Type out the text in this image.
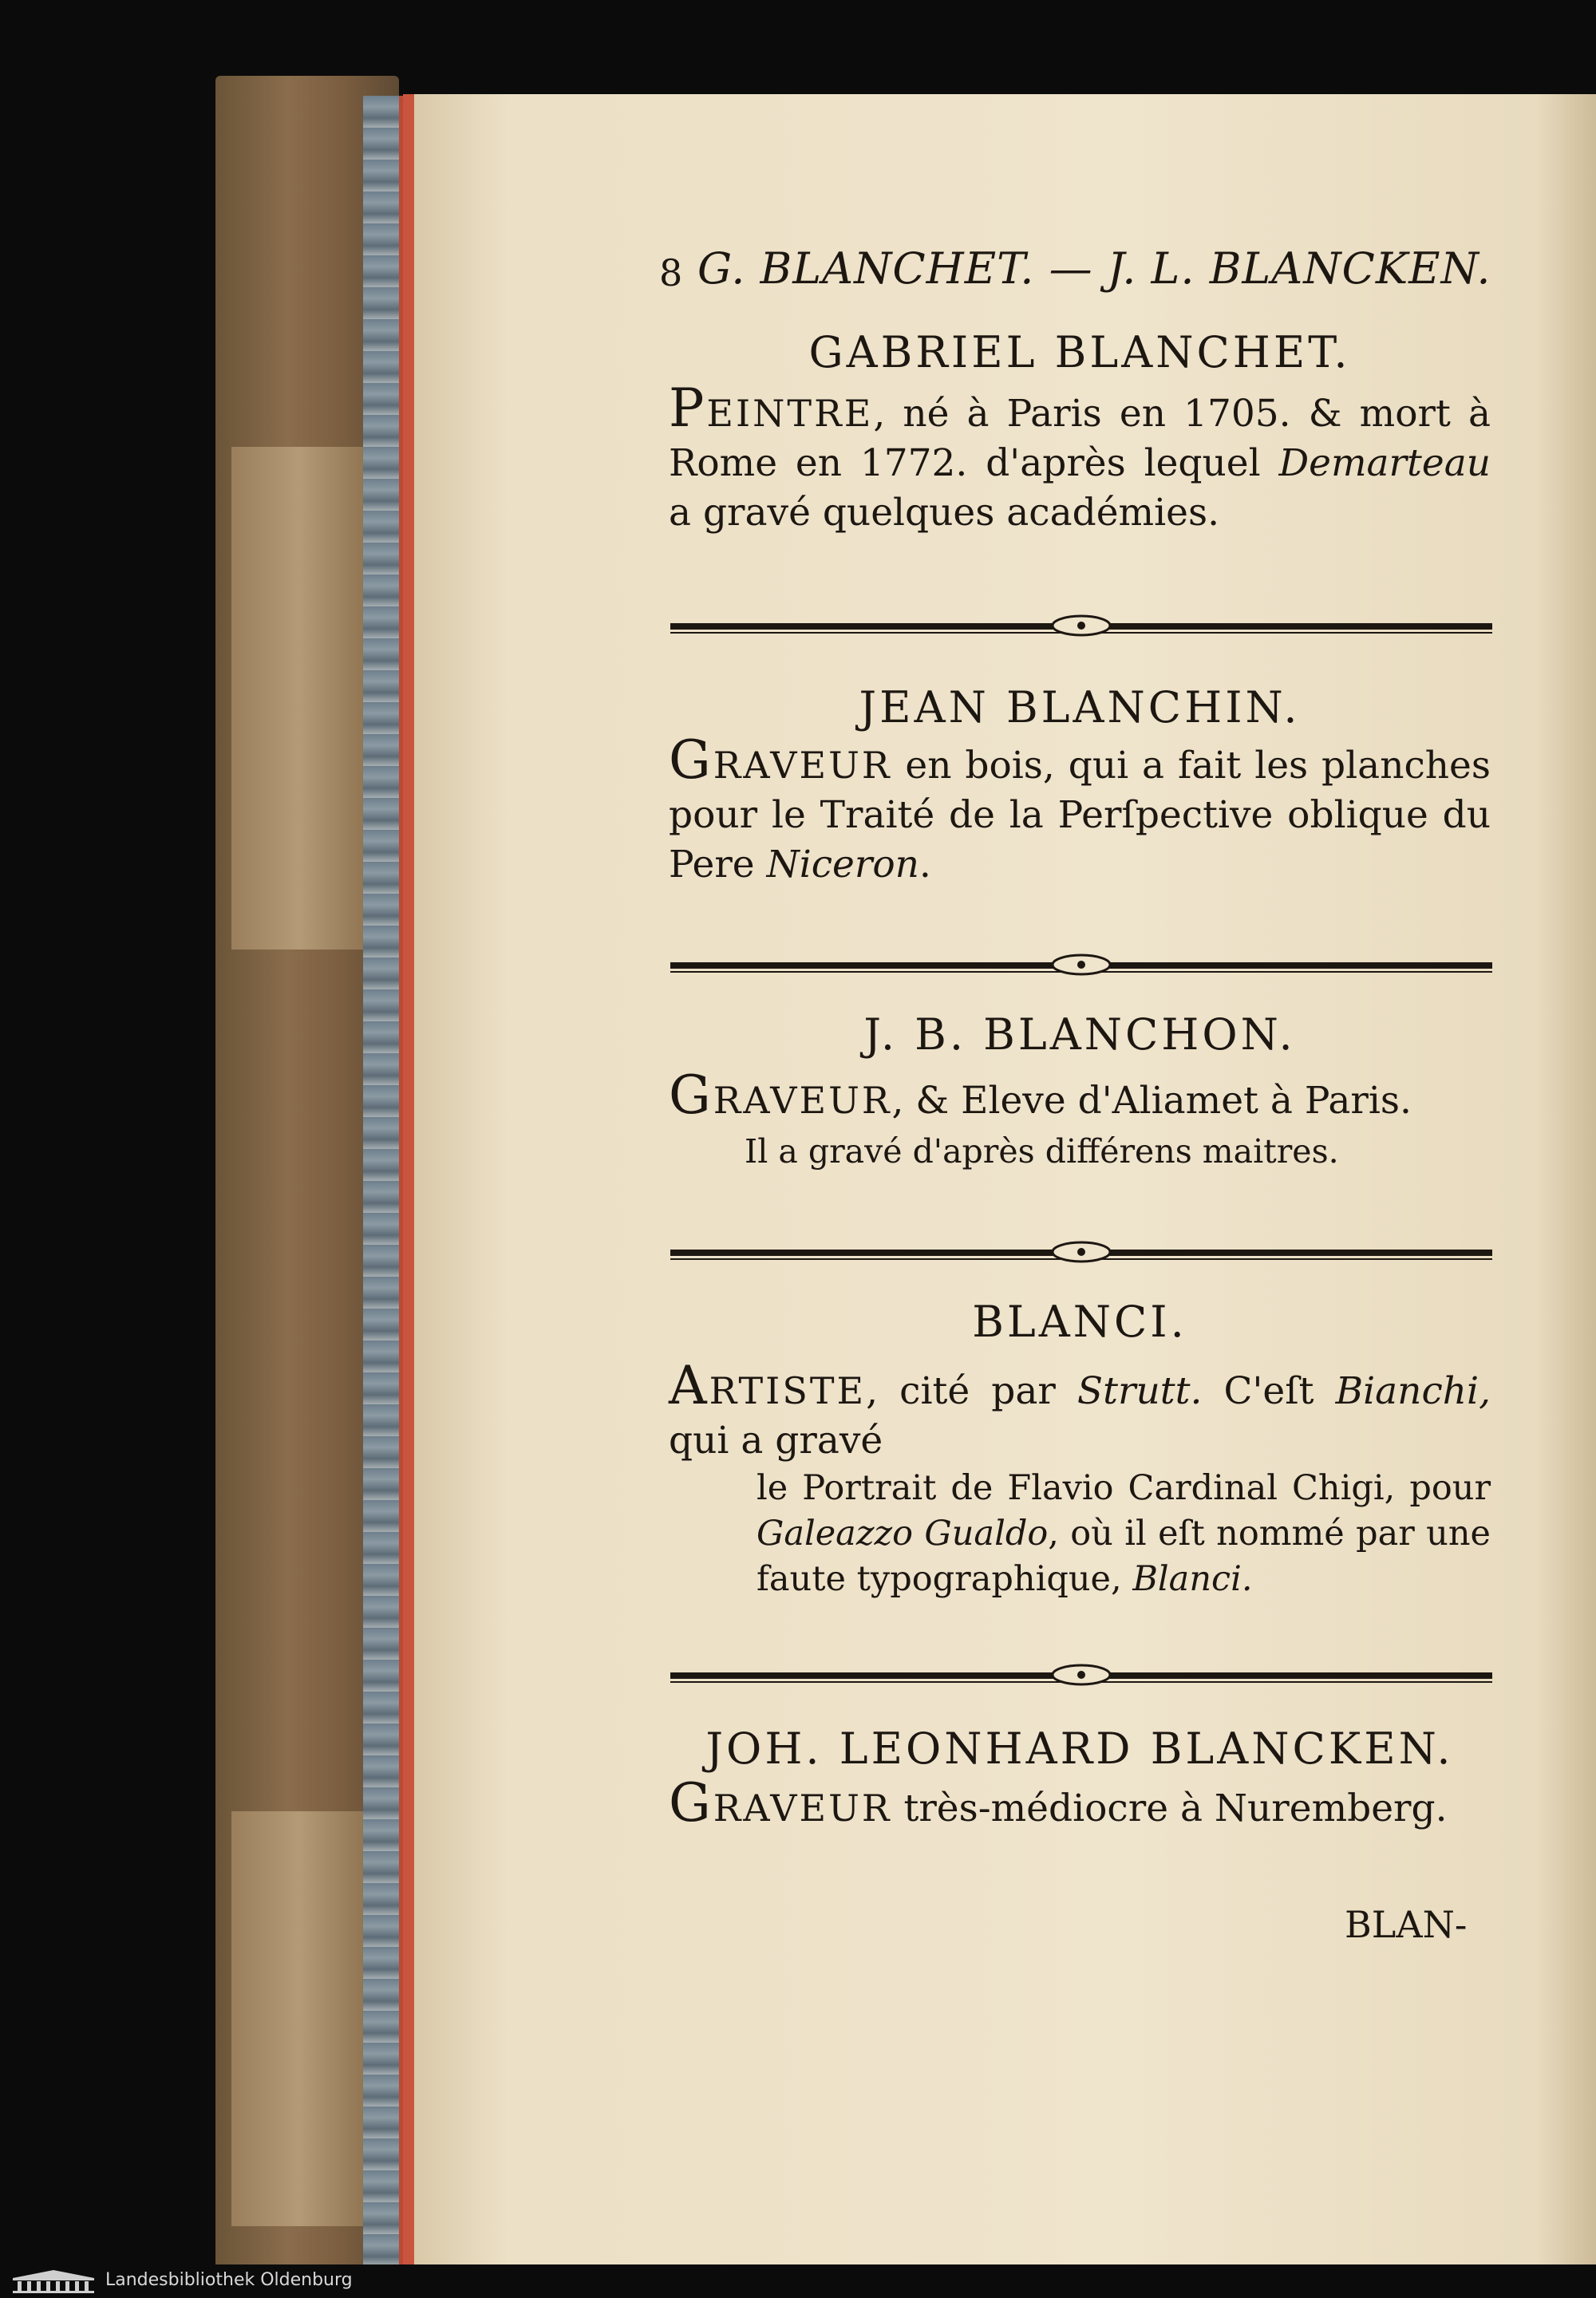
8 G. BLANCHET. — J. L. BLANCKEN.
GABRIEL BLANCHET.
Peintre, né à Paris en 1705. & mort à Rome en 1772. d'après lequel Demarteau a gravé quelques académies.
JEAN BLANCHIN.
Graveur en bois, qui a fait les planches pour le Traité de la Perſpective oblique du Pere Niceron.
J. B. BLANCHON.
Graveur, & Eleve d'Aliamet à Paris.
Il a gravé d'après différens maitres.
BLANCI.
Artiste, cité par Strutt. C'eſt Bianchi, qui a gravé
le Portrait de Flavio Cardinal Chigi, pour Galeazzo Gualdo, où il eſt nommé par une faute typographique, Blanci.
JOH. LEONHARD BLANCKEN.
Graveur très-médiocre à Nuremberg.
BLAN-
Landesbibliothek Oldenburg
